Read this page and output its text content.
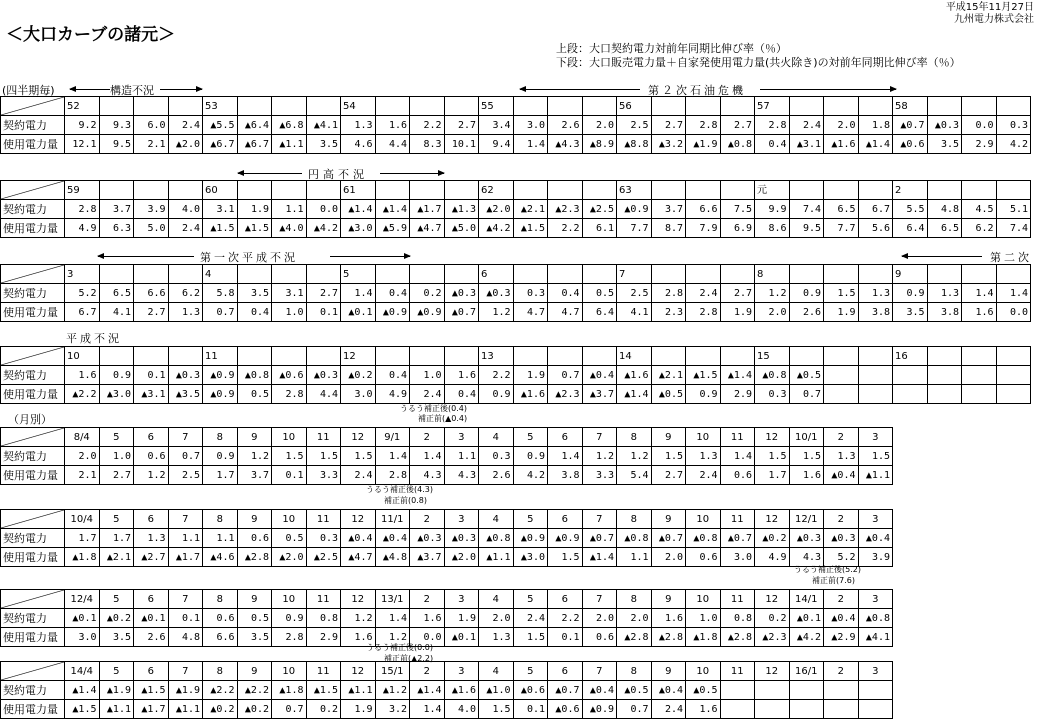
＜大口カーブの諸元＞
平成15年11月27日
九州電力株式会社
上段：大口契約電力対前年同期比伸び率（％）
下段：大口販売電力量＋自家発使用電力量(共火除き)の対前年同期比伸び率（％）
(四半期毎)	構造不況	第２次石油危機
	52				53				54				55				56				57				58			
契約電力	9.2	9.3	6.0	2.4	▲5.5	▲6.4	▲6.8	▲4.1	1.3	1.6	2.2	2.7	3.4	3.0	2.6	2.0	2.5	2.7	2.8	2.7	2.8	2.4	2.0	1.8	▲0.7	▲0.3	0.0	0.3
使用電力量	12.1	9.5	2.1	▲2.0	▲6.7	▲6.7	▲1.1	3.5	4.6	4.4	8.3	10.1	9.4	1.4	▲4.3	▲8.9	▲8.8	▲3.2	▲1.9	▲0.8	0.4	▲3.1	▲1.6	▲1.4	▲0.6	3.5	2.9	4.2
円高不況
	59				60				61				62				63				元				2			
契約電力	2.8	3.7	3.9	4.0	3.1	1.9	1.1	0.0	▲1.4	▲1.4	▲1.7	▲1.3	▲2.0	▲2.1	▲2.3	▲2.5	▲0.9	3.7	6.6	7.5	9.9	7.4	6.5	6.7	5.5	4.8	4.5	5.1
使用電力量	4.9	6.3	5.0	2.4	▲1.5	▲1.5	▲4.0	▲4.2	▲3.0	▲5.9	▲4.7	▲5.0	▲4.2	▲1.5	2.2	6.1	7.7	8.7	7.9	6.9	8.6	9.5	7.7	5.6	6.4	6.5	6.2	7.4
第一次平成不況	第二次
	3				4				5				6				7				8				9			
契約電力	5.2	6.5	6.6	6.2	5.8	3.5	3.1	2.7	1.4	0.4	0.2	▲0.3	▲0.3	0.3	0.4	0.5	2.5	2.8	2.4	2.7	1.2	0.9	1.5	1.3	0.9	1.3	1.4	1.4
使用電力量	6.7	4.1	2.7	1.3	0.7	0.4	1.0	0.1	▲0.1	▲0.9	▲0.9	▲0.7	1.2	4.7	4.7	6.4	4.1	2.3	2.8	1.9	2.0	2.6	1.9	3.8	3.5	3.8	1.6	0.0
平成不況
	10				11				12				13				14				15				16			
契約電力	1.6	0.9	0.1	▲0.3	▲0.9	▲0.8	▲0.6	▲0.3	▲0.2	0.4	1.0	1.6	2.2	1.9	0.7	▲0.4	▲1.6	▲2.1	▲1.5	▲1.4	▲0.8	▲0.5						
使用電力量	▲2.2	▲3.0	▲3.1	▲3.5	▲0.9	0.5	2.8	4.4	3.0	4.9	2.4	0.4	0.9	▲1.6	▲2.3	▲3.7	▲1.4	▲0.5	0.9	2.9	0.3	0.7						
うるう補正後(0.4)
補正前(▲0.4)
（月別）
	8/4	5	6	7	8	9	10	11	12	9/1	2	3	4	5	6	7	8	9	10	11	12	10/1	2	3
契約電力	2.0	1.0	0.6	0.7	0.9	1.2	1.5	1.5	1.5	1.4	1.4	1.1	0.3	0.9	1.4	1.2	1.2	1.5	1.3	1.4	1.5	1.5	1.3	1.5
使用電力量	2.1	2.7	1.2	2.5	1.7	3.7	0.1	3.3	2.4	2.8	4.3	4.3	2.6	4.2	3.8	3.3	5.4	2.7	2.4	0.6	1.7	1.6	▲0.4	▲1.1
うるう補正後(4.3)
補正前(0.8)
	10/4	5	6	7	8	9	10	11	12	11/1	2	3	4	5	6	7	8	9	10	11	12	12/1	2	3
契約電力	1.7	1.7	1.3	1.1	1.1	0.6	0.5	0.3	▲0.4	▲0.4	▲0.3	▲0.3	▲0.8	▲0.9	▲0.9	▲0.7	▲0.8	▲0.7	▲0.8	▲0.7	▲0.2	▲0.3	▲0.3	▲0.4
使用電力量	▲1.8	▲2.1	▲2.7	▲1.7	▲4.6	▲2.8	▲2.0	▲2.5	▲4.7	▲4.8	▲3.7	▲2.0	▲1.1	▲3.0	1.5	▲1.4	1.1	2.0	0.6	3.0	4.9	4.3	5.2	3.9
うるう補正後(5.2)
補正前(7.6)
	12/4	5	6	7	8	9	10	11	12	13/1	2	3	4	5	6	7	8	9	10	11	12	14/1	2	3
契約電力	▲0.1	▲0.2	▲0.1	0.1	0.6	0.5	0.9	0.8	1.2	1.4	1.6	1.9	2.0	2.4	2.2	2.0	2.0	1.6	1.0	0.8	0.2	▲0.1	▲0.4	▲0.8
使用電力量	3.0	3.5	2.6	4.8	6.6	3.5	2.8	2.9	1.6	1.2	0.0	▲0.1	1.3	1.5	0.1	0.6	▲2.8	▲2.8	▲1.8	▲2.8	▲2.3	▲4.2	▲2.9	▲4.1
うるう補正後(0.0)
補正前(▲2.2)
	14/4	5	6	7	8	9	10	11	12	15/1	2	3	4	5	6	7	8	9	10	11	12	16/1	2	3
契約電力	▲1.4	▲1.9	▲1.5	▲1.9	▲2.2	▲2.2	▲1.8	▲1.5	▲1.1	▲1.2	▲1.4	▲1.6	▲1.0	▲0.6	▲0.7	▲0.4	▲0.5	▲0.4	▲0.5					
使用電力量	▲1.5	▲1.1	▲1.7	▲1.1	▲0.2	▲0.2	0.7	0.2	1.9	3.2	1.4	4.0	1.5	0.1	▲0.6	▲0.9	0.7	2.4	1.6					
